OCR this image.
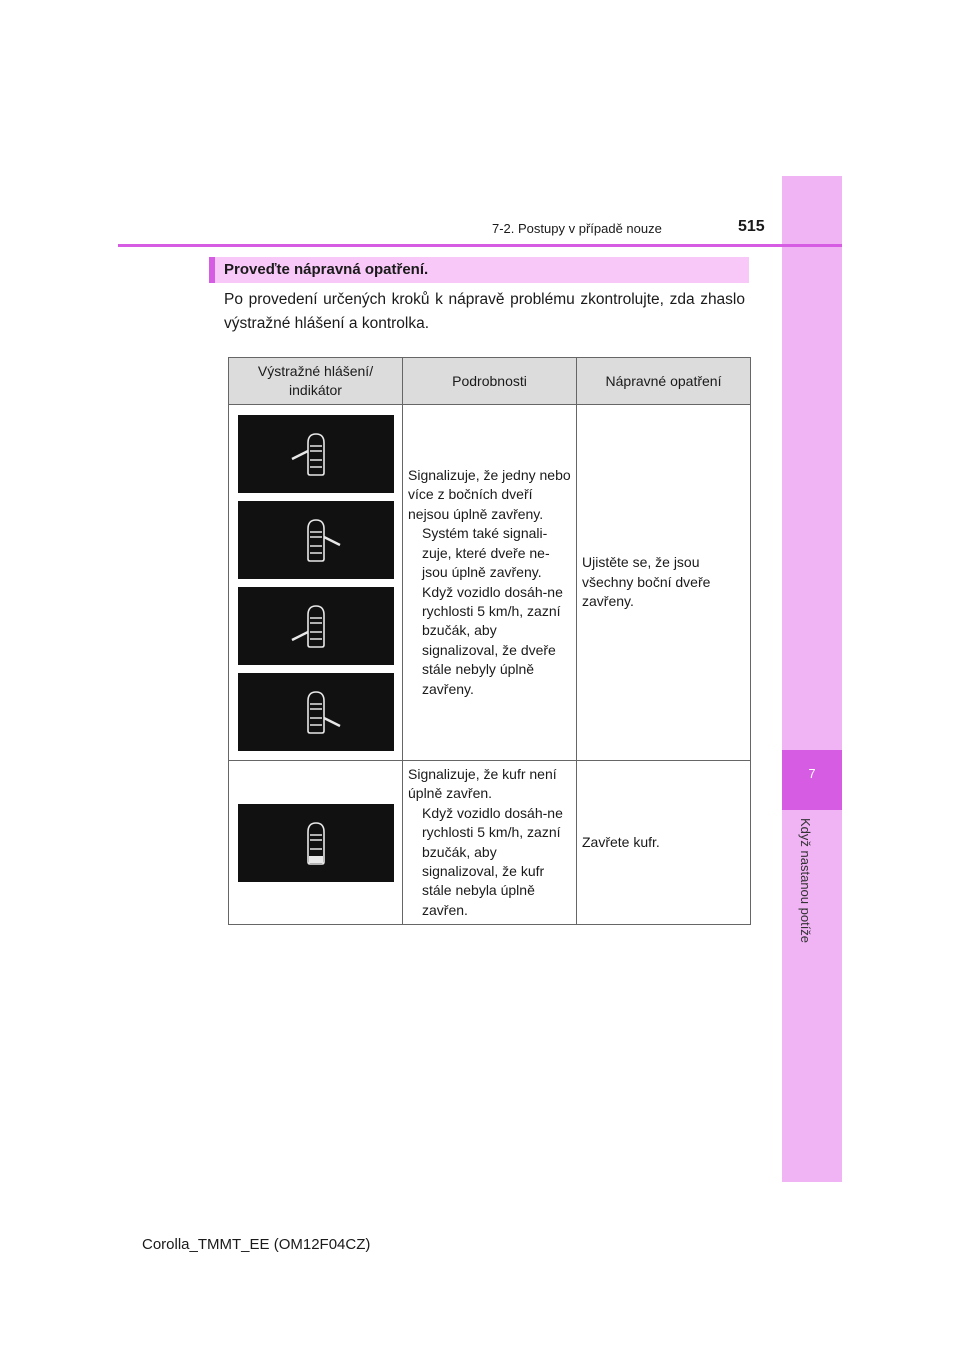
7
Když nastanou potíže
7-2. Postupy v případě nouze	515
Proveďte nápravná opatření.
Po provedení určených kroků k nápravě problému zkontrolujte, zda zhaslo výstražné hlášení a kontrolka.
Výstražné hlášení/ indikátor	Podrobnosti	Nápravné opatření

Signalizuje, že jedny nebo více z bočních dveří nejsou úplně zavřeny.
Systém také signali-zuje, které dveře ne-jsou úplně zavřeny.
Když vozidlo dosáh-ne rychlosti 5 km/h, zazní bzučák, aby signalizoval, že dveře stále nebyly úplně zavřeny.	Ujistěte se, že jsou všechny boční dveře zavřeny.

Signalizuje, že kufr není úplně zavřen.
Když vozidlo dosáh-ne rychlosti 5 km/h, zazní bzučák, aby signalizoval, že kufr stále nebyla úplně zavřen.	Zavřete kufr.
Corolla_TMMT_EE (OM12F04CZ)
